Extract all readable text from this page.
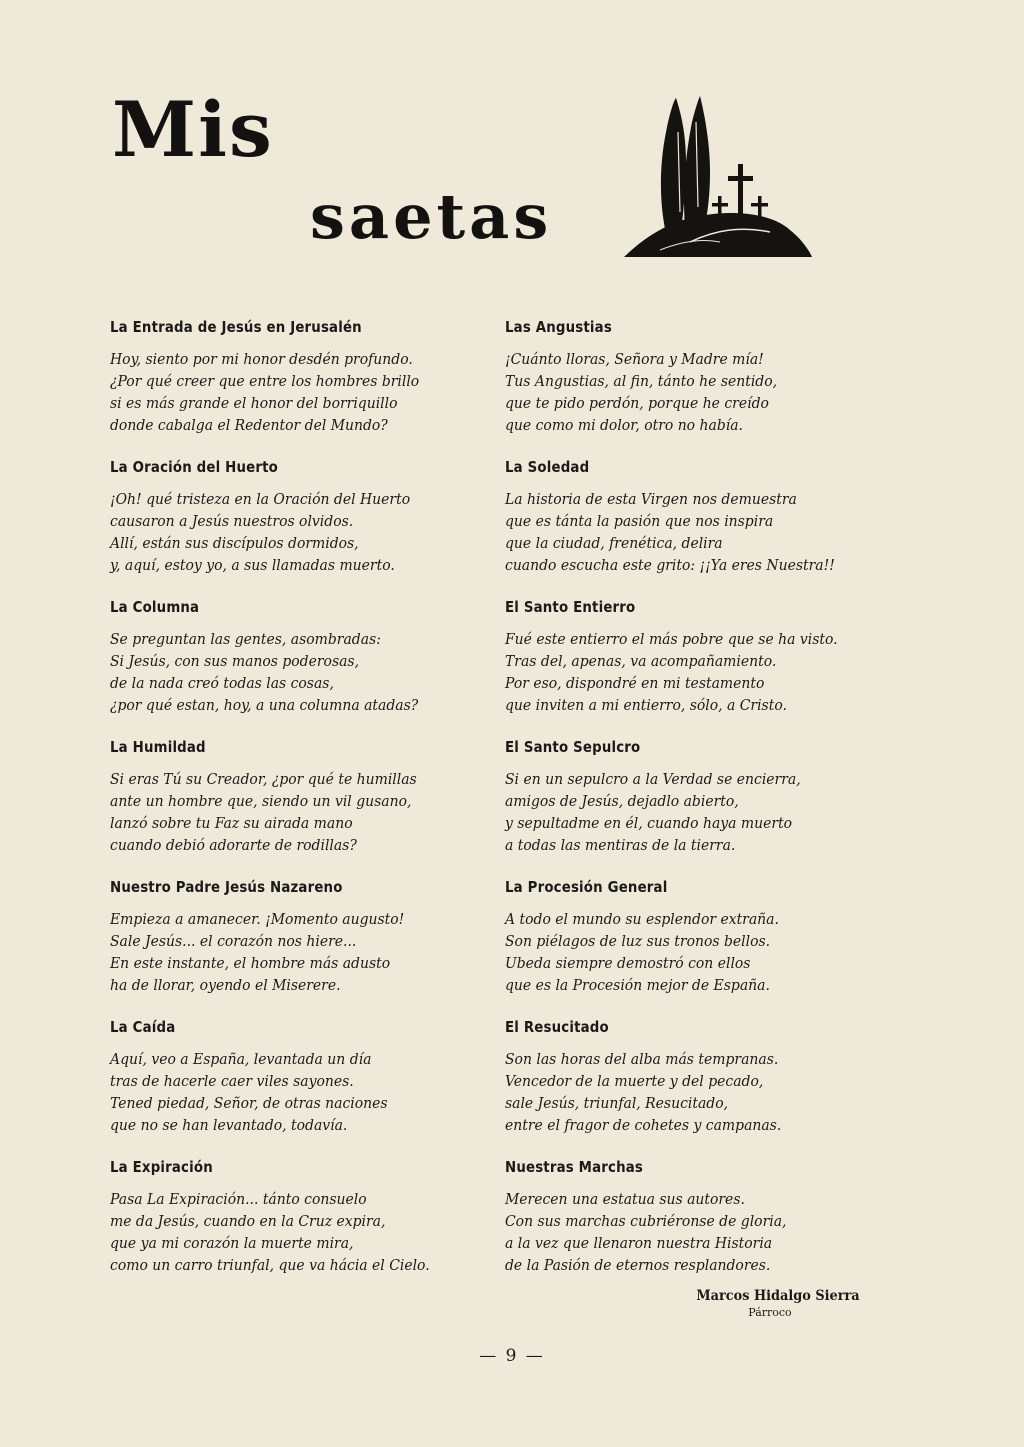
Mis
saetas
La Entrada de Jesús en Jerusalén
Hoy, siento por mi honor desdén profundo.
¿Por qué creer que entre los hombres brillo
si es más grande el honor del borriquillo
donde cabalga el Redentor del Mundo?
La Oración del Huerto
¡Oh! qué tristeza en la Oración del Huerto
causaron a Jesús nuestros olvidos.
Allí, están sus discípulos dormidos,
y, aquí, estoy yo, a sus llamadas muerto.
La Columna
Se preguntan las gentes, asombradas:
Si Jesús, con sus manos poderosas,
de la nada creó todas las cosas,
¿por qué estan, hoy, a una columna atadas?
La Humildad
Si eras Tú su Creador, ¿por qué te humillas
ante un hombre que, siendo un vil gusano,
lanzó sobre tu Faz su airada mano
cuando debió adorarte de rodillas?
Nuestro Padre Jesús Nazareno
Empieza a amanecer. ¡Momento augusto!
Sale Jesús... el corazón nos hiere...
En este instante, el hombre más adusto
ha de llorar, oyendo el Miserere.
La Caída
Aquí, veo a España, levantada un día
tras de hacerle caer viles sayones.
Tened piedad, Señor, de otras naciones
que no se han levantado, todavía.
La Expiración
Pasa La Expiración... tánto consuelo
me da Jesús, cuando en la Cruz expira,
que ya mi corazón la muerte mira,
como un carro triunfal, que va hácia el Cielo.
Las Angustias
¡Cuánto lloras, Señora y Madre mía!
Tus Angustias, al fin, tánto he sentido,
que te pido perdón, porque he creído
que como mi dolor, otro no había.
La Soledad
La historia de esta Virgen nos demuestra
que es tánta la pasión que nos inspira
que la ciudad, frenética, delira
cuando escucha este grito: ¡¡Ya eres Nuestra!!
El Santo Entierro
Fué este entierro el más pobre que se ha visto.
Tras del, apenas, va acompañamiento.
Por eso, dispondré en mi testamento
que inviten a mi entierro, sólo, a Cristo.
El Santo Sepulcro
Si en un sepulcro a la Verdad se encierra,
amigos de Jesús, dejadlo abierto,
y sepultadme en él, cuando haya muerto
a todas las mentiras de la tierra.
La Procesión General
A todo el mundo su esplendor extraña.
Son piélagos de luz sus tronos bellos.
Ubeda siempre demostró con ellos
que es la Procesión mejor de España.
El Resucitado
Son las horas del alba más tempranas.
Vencedor de la muerte y del pecado,
sale Jesús, triunfal, Resucitado,
entre el fragor de cohetes y campanas.
Nuestras Marchas
Merecen una estatua sus autores.
Con sus marchas cubriéronse de gloria,
a la vez que llenaron nuestra Historia
de la Pasión de eternos resplandores.
Marcos Hidalgo Sierra
Párroco
— 9 —
